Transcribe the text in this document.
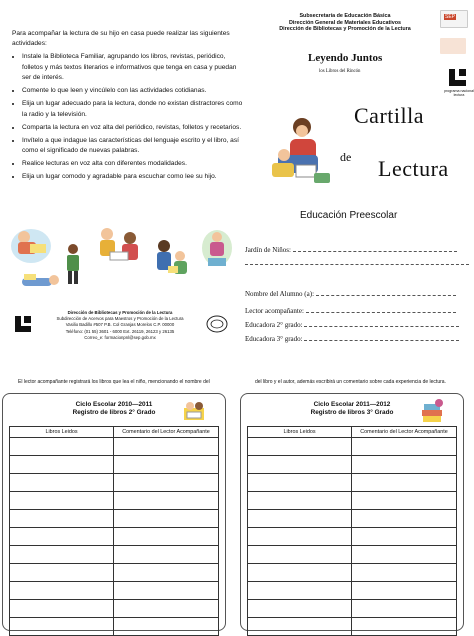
Para acompañar la lectura de su hijo en casa puede realizar las siguientes actividades:
• Instale la Biblioteca Familiar, agrupando los libros, revistas, periódico, folletos y más textos literarios e informativos que tenga en casa y puedan ser de interés.
• Comente lo que leen y vincúlelo con las actividades cotidianas.
• Elija un lugar adecuado para la lectura, donde no existan distractores como la radio y la televisión.
• Comparta la lectura en voz alta del periódico, revistas, folletos y recetarios.
• Invítelo a que indague las características del lenguaje escrito y el libro, así como el significado de nuevas palabras.
• Realice lecturas en voz alta con diferentes modalidades.
• Elija un lugar comodo y agradable para escuchar como lee su hijo.
Dirección de Bibliotecas y Promoción de la Lectura
Subdirección de Acervos para Maestros y Promoción de la Lectura
Vasilio Badillo #507 P.B. Col Granjas Morelos C.P. 00000
Teléfono: (01 55) 3601 - 6000 Ext. 26119, 26123 y 26135
Correo_e: formacionpnl@sep.gob.mx
Subsecretaría de Educación Básica
Dirección General de Materiales Educativos
Dirección de Bibliotecas y Promoción de la Lectura
SEP
programa nacional lectura
Leyendo Juntos
los Libros del Rincón
Cartilla
de Lectura
Educación Preescolar
Jardín de Niños:
Nombre del Alumno (a):
Lector acompañante:
Educadora 2° grado:
Educadora 3° grado:
El lector acompañante registrará los libros que lea el niño, mencionando el nombre del	del libro y el autor, además escribirá un comentario sobre cada experiencia de lectura.
Ciclo Escolar 2010—2011
Registro de libros 2° Grado
Libros Leidos	Comentario del Lector Acompañante

Ciclo Escolar 2011—2012
Registro de libros 3° Grado
Libros Leidos	Comentario del Lector Acompañante
